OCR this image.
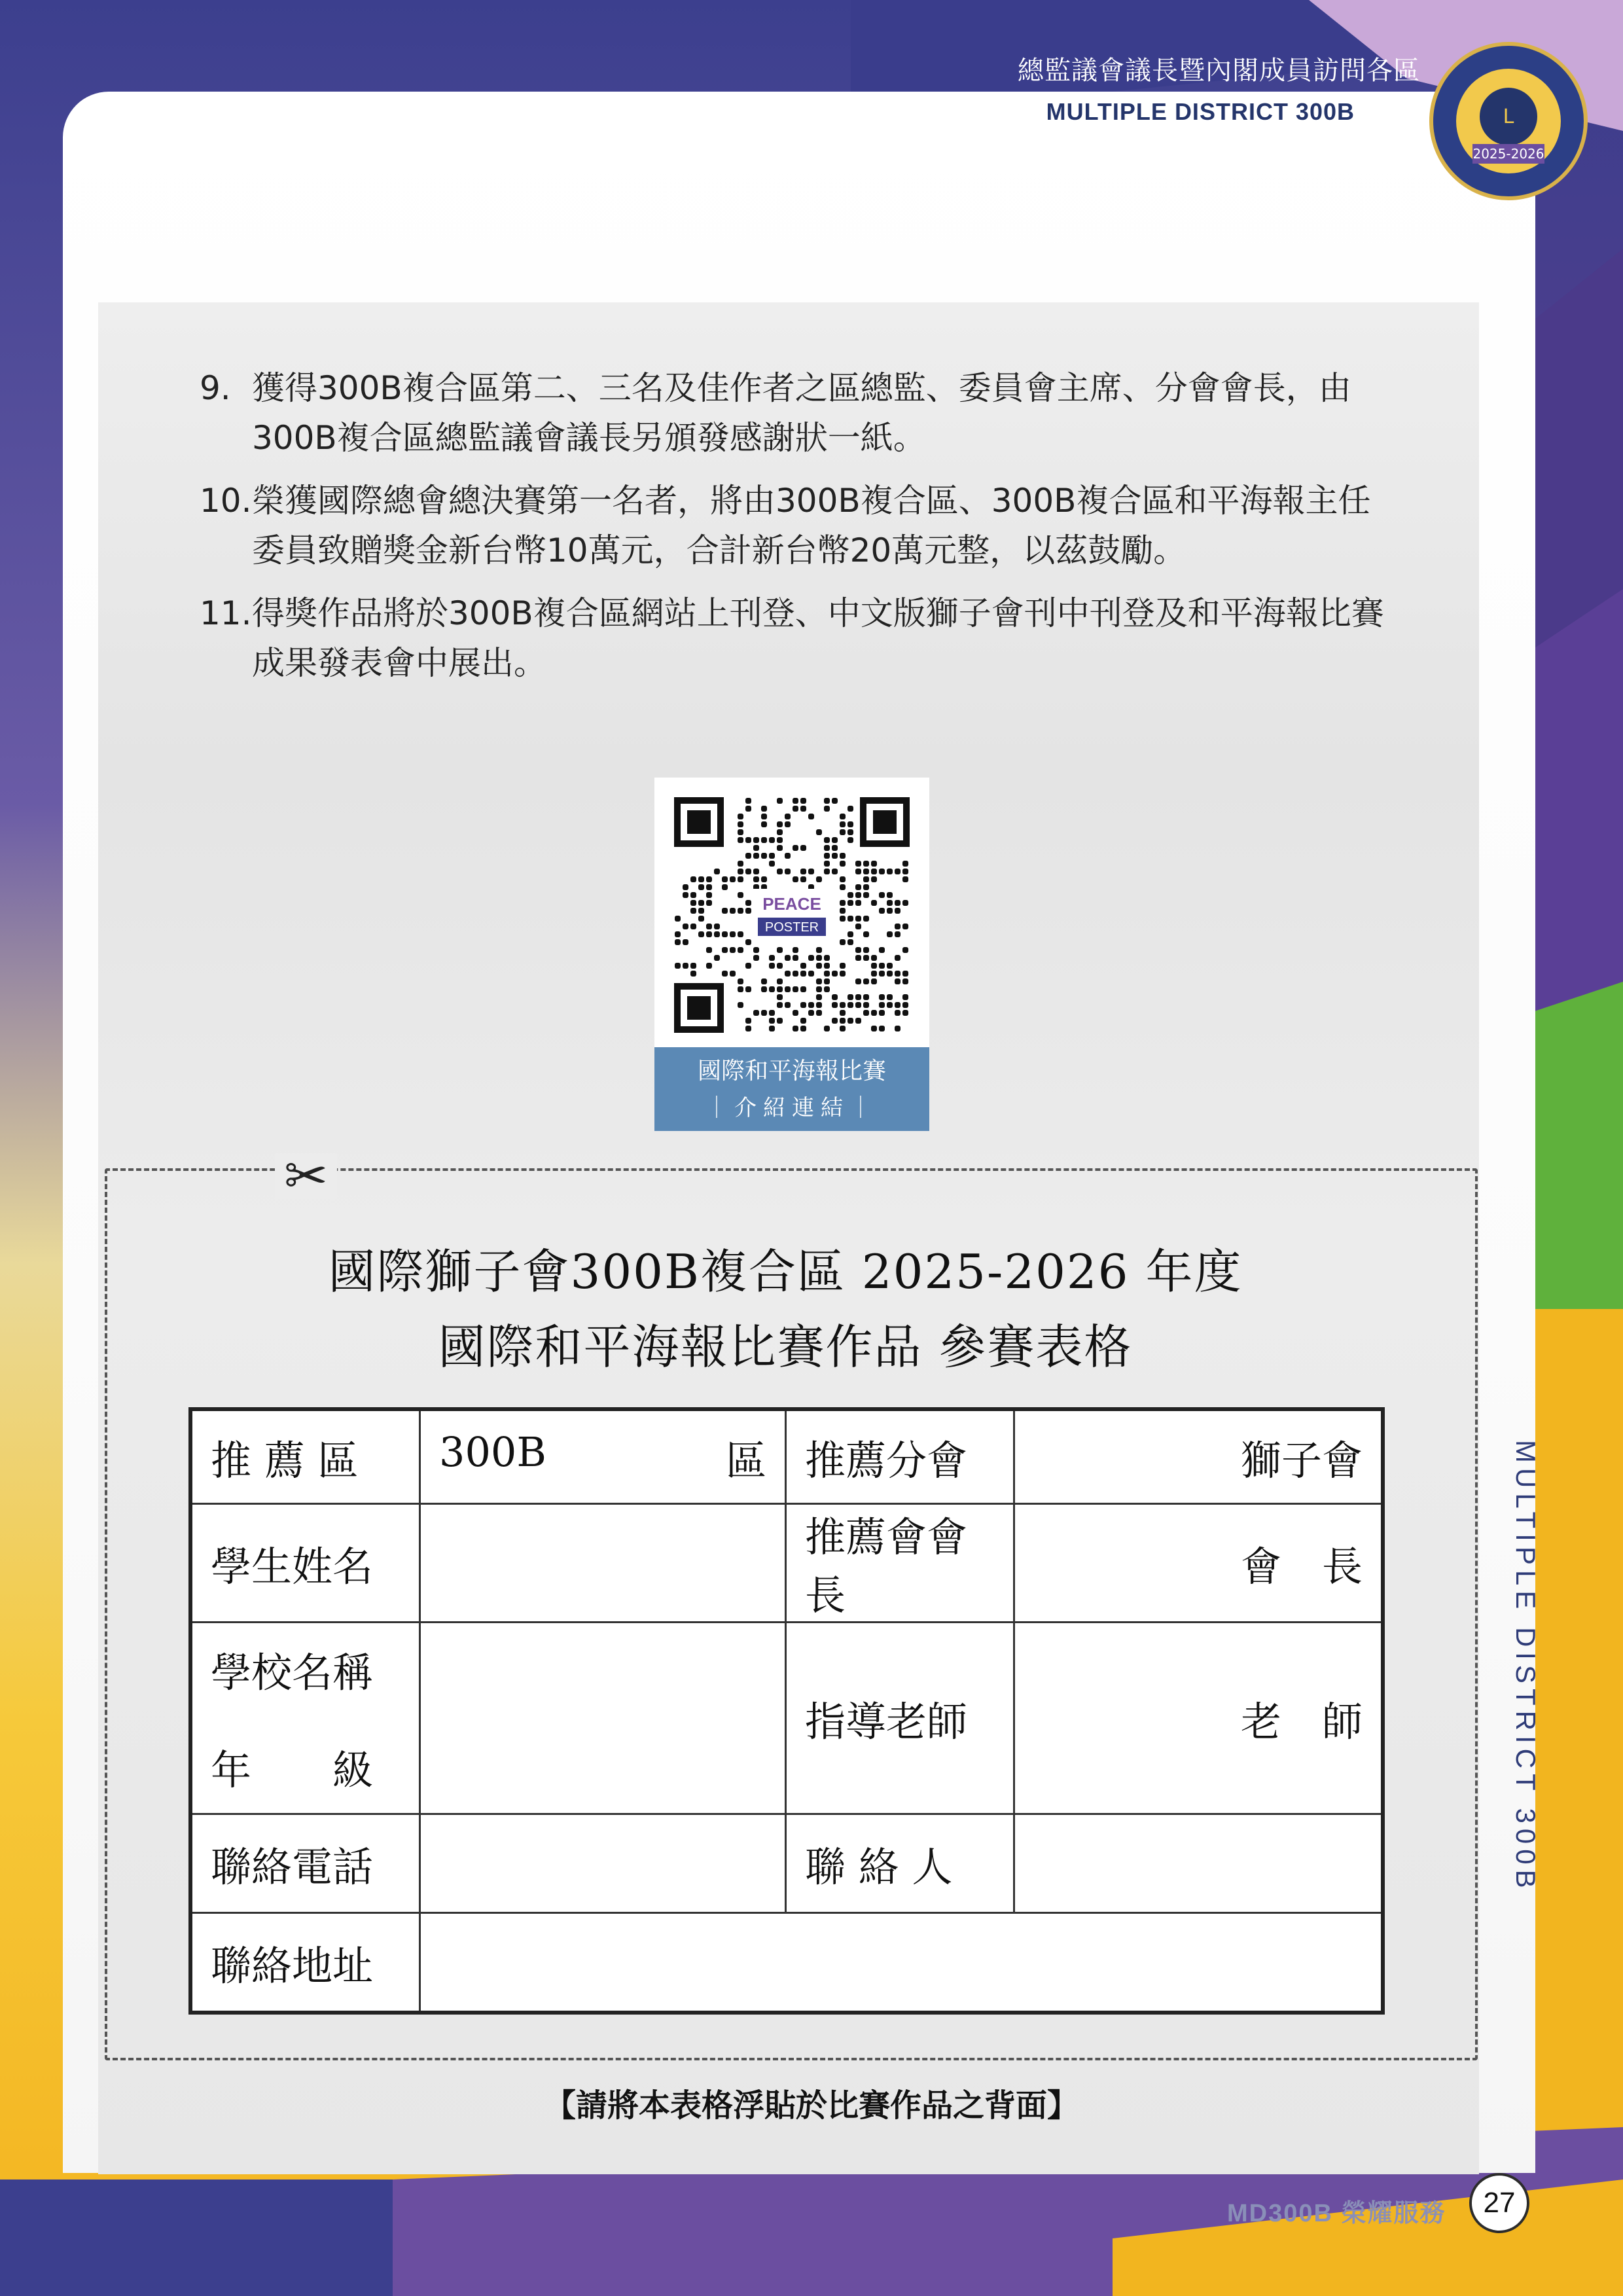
總監議會議長暨內閣成員訪問各區
MULTIPLE DISTRICT 300B	L
2025-2026
MULTIPLE DISTRICT 300B
9. 獲得300B複合區第二、三名及佳作者之區總監、委員會主席、分會會長，由300B複合區總監議會議長另頒發感謝狀一紙。
10. 榮獲國際總會總決賽第一名者，將由300B複合區、300B複合區和平海報主任委員致贈獎金新台幣10萬元，合計新台幣20萬元整，以茲鼓勵。
11. 得獎作品將於300B複合區網站上刊登、中文版獅子會刊中刊登及和平海報比賽成果發表會中展出。
PEACE
POSTER
國際和平海報比賽
｜介紹連結｜
✂
國際獅子會300B複合區 2025-2026 年度
國際和平海報比賽作品 參賽表格
推 薦 區	300B 區	推薦分會	獅子會
學生姓名		推薦會會長	會　長

學校名稱
年　　級		指導老師	老　師
聯絡電話		聯 絡 人	
聯絡地址			
【請將本表格浮貼於比賽作品之背面】
MD300B 榮耀服務	27
